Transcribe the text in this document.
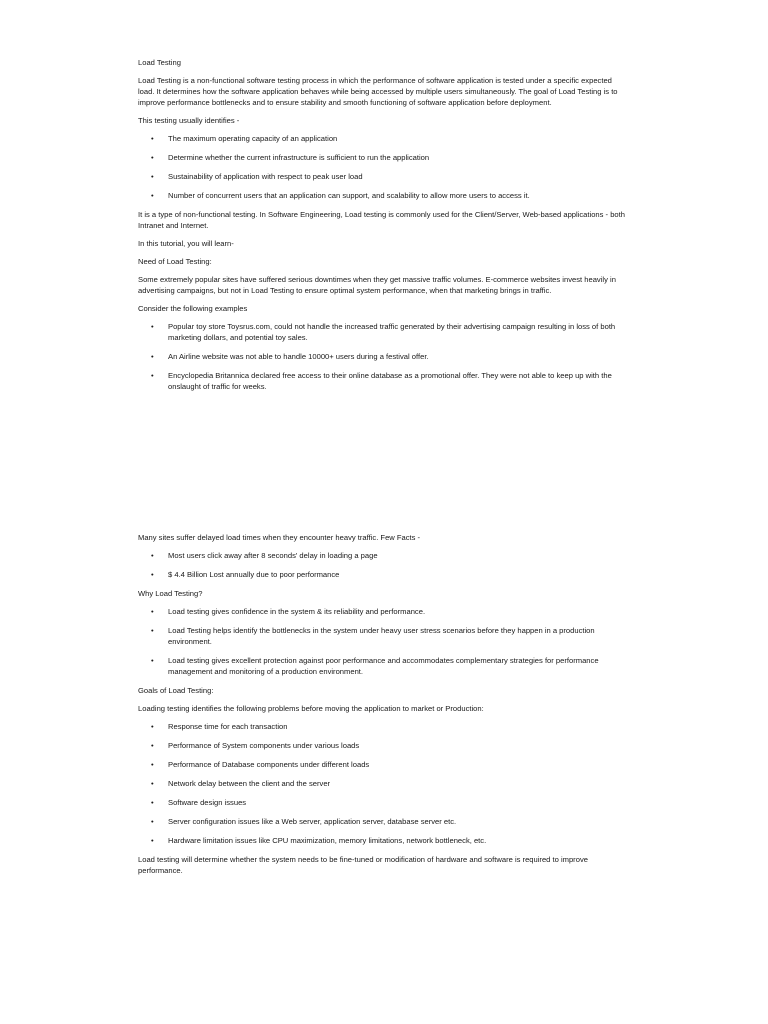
Load Testing

Load Testing is a non-functional software testing process in which the performance of software application is tested under a specific expected load. It determines how the software application behaves while being accessed by multiple users simultaneously. The goal of Load Testing is to improve performance bottlenecks and to ensure stability and smooth functioning of software application before deployment.

This testing usually identifies -

• The maximum operating capacity of an application
• Determine whether the current infrastructure is sufficient to run the application
• Sustainability of application with respect to peak user load
• Number of concurrent users that an application can support, and scalability to allow more users to access it.

It is a type of non-functional testing. In Software Engineering, Load testing is commonly used for the Client/Server, Web-based applications - both Intranet and Internet.

In this tutorial, you will learn-

Need of Load Testing:

Some extremely popular sites have suffered serious downtimes when they get massive traffic volumes. E-commerce websites invest heavily in advertising campaigns, but not in Load Testing to ensure optimal system performance, when that marketing brings in traffic.

Consider the following examples

• Popular toy store Toysrus.com, could not handle the increased traffic generated by their advertising campaign resulting in loss of both marketing dollars, and potential toy sales.
• An Airline website was not able to handle 10000+ users during a festival offer.
• Encyclopedia Britannica declared free access to their online database as a promotional offer. They were not able to keep up with the onslaught of traffic for weeks.

Many sites suffer delayed load times when they encounter heavy traffic. Few Facts -

• Most users click away after 8 seconds' delay in loading a page
• $ 4.4 Billion Lost annually due to poor performance

Why Load Testing?

• Load testing gives confidence in the system & its reliability and performance.
• Load Testing helps identify the bottlenecks in the system under heavy user stress scenarios before they happen in a production environment.
• Load testing gives excellent protection against poor performance and accommodates complementary strategies for performance management and monitoring of a production environment.

Goals of Load Testing:

Loading testing identifies the following problems before moving the application to market or Production:

• Response time for each transaction
• Performance of System components under various loads
• Performance of Database components under different loads
• Network delay between the client and the server
• Software design issues
• Server configuration issues like a Web server, application server, database server etc.
• Hardware limitation issues like CPU maximization, memory limitations, network bottleneck, etc.

Load testing will determine whether the system needs to be fine-tuned or modification of hardware and software is required to improve performance.
